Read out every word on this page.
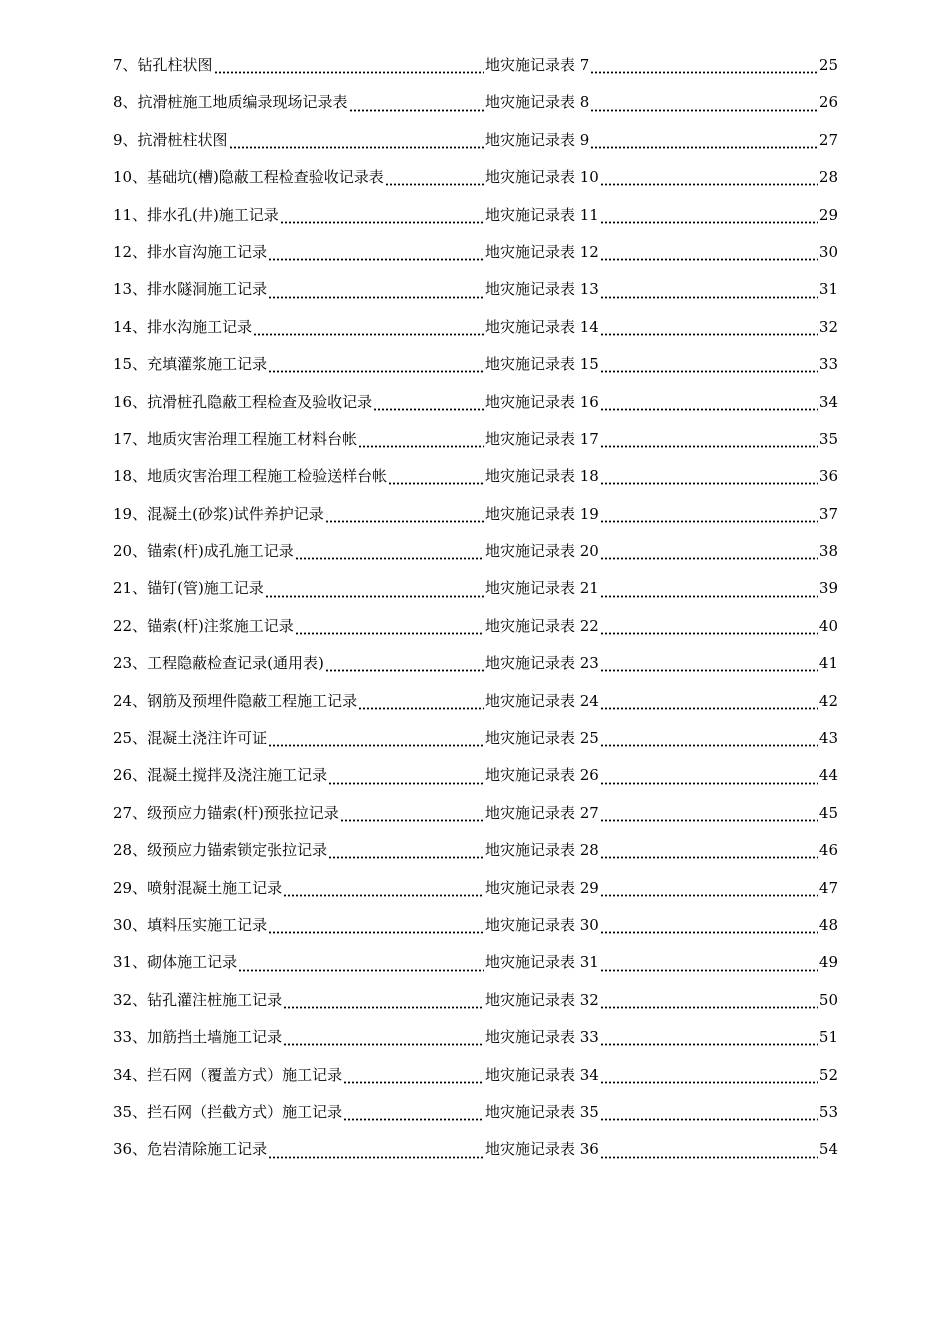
7、钻孔柱状图	地灾施记录表 7	25
8、抗滑桩施工地质编录现场记录表	地灾施记录表 8	26
9、抗滑桩柱状图	地灾施记录表 9	27
10、基础坑(槽)隐蔽工程检查验收记录表	地灾施记录表 10	28
11、排水孔(井)施工记录	地灾施记录表 11	29
12、排水盲沟施工记录	地灾施记录表 12	30
13、排水隧洞施工记录	地灾施记录表 13	31
14、排水沟施工记录	地灾施记录表 14	32
15、充填灌浆施工记录	地灾施记录表 15	33
16、抗滑桩孔隐蔽工程检查及验收记录	地灾施记录表 16	34
17、地质灾害治理工程施工材料台帐	地灾施记录表 17	35
18、地质灾害治理工程施工检验送样台帐	地灾施记录表 18	36
19、混凝土(砂浆)试件养护记录	地灾施记录表 19	37
20、锚索(杆)成孔施工记录	地灾施记录表 20	38
21、锚钉(管)施工记录	地灾施记录表 21	39
22、锚索(杆)注浆施工记录	地灾施记录表 22	40
23、工程隐蔽检查记录(通用表)	地灾施记录表 23	41
24、钢筋及预埋件隐蔽工程施工记录	地灾施记录表 24	42
25、混凝土浇注许可证	地灾施记录表 25	43
26、混凝土搅拌及浇注施工记录	地灾施记录表 26	44
27、级预应力锚索(杆)预张拉记录	地灾施记录表 27	45
28、级预应力锚索锁定张拉记录	地灾施记录表 28	46
29、喷射混凝土施工记录	地灾施记录表 29	47
30、填料压实施工记录	地灾施记录表 30	48
31、砌体施工记录	地灾施记录表 31	49
32、钻孔灌注桩施工记录	地灾施记录表 32	50
33、加筋挡土墙施工记录	地灾施记录表 33	51
34、拦石网（覆盖方式）施工记录	地灾施记录表 34	52
35、拦石网（拦截方式）施工记录	地灾施记录表 35	53
36、危岩清除施工记录	地灾施记录表 36	54
